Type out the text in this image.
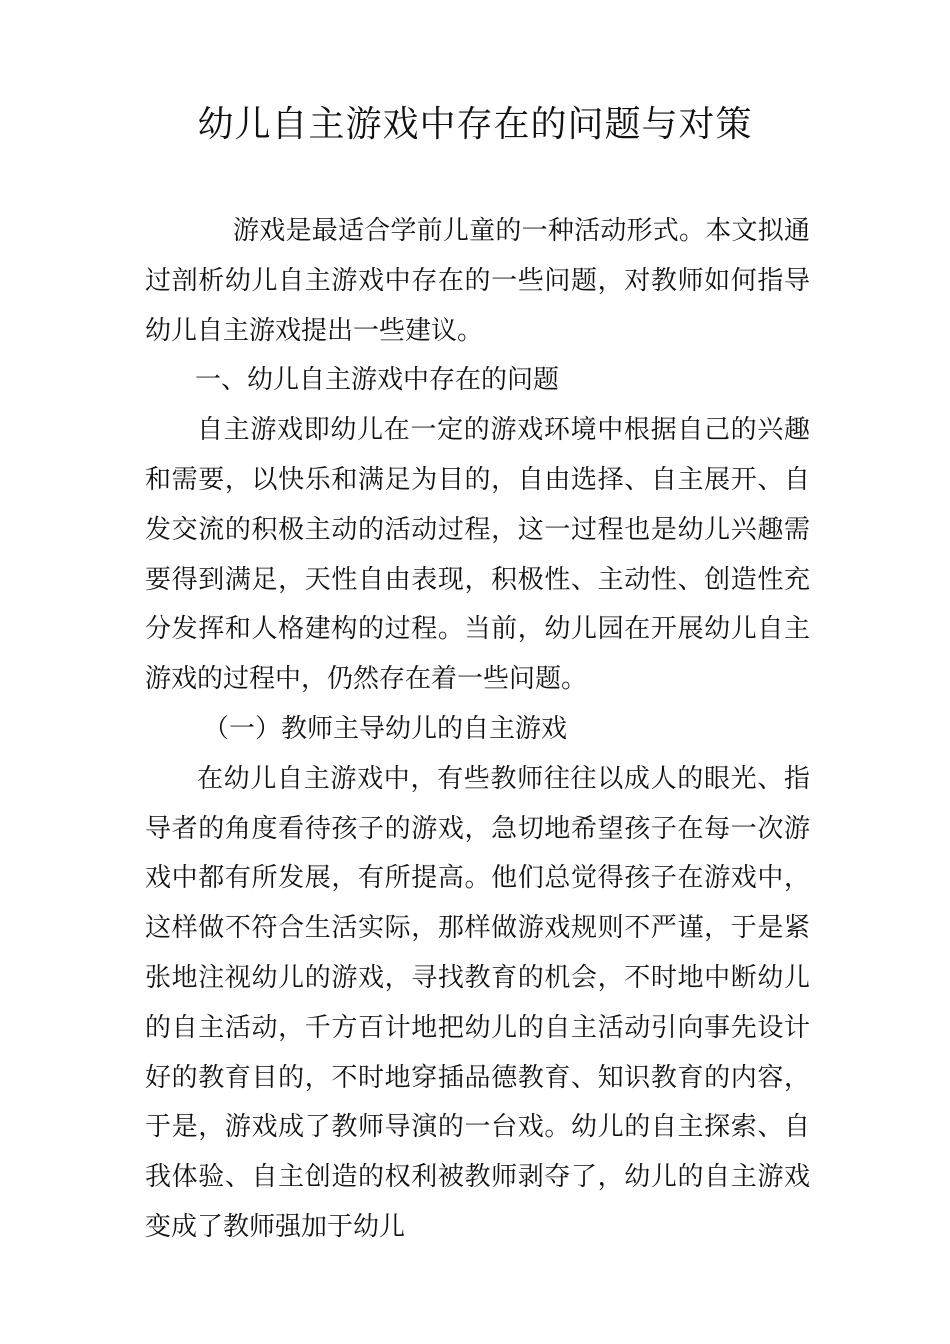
幼儿自主游戏中存在的问题与对策

游戏是最适合学前儿童的一种活动形式。本文拟通过剖析幼儿自主游戏中存在的一些问题，对教师如何指导幼儿自主游戏提出一些建议。

一、幼儿自主游戏中存在的问题

自主游戏即幼儿在一定的游戏环境中根据自己的兴趣和需要，以快乐和满足为目的，自由选择、自主展开、自发交流的积极主动的活动过程，这一过程也是幼儿兴趣需要得到满足，天性自由表现，积极性、主动性、创造性充分发挥和人格建构的过程。当前，幼儿园在开展幼儿自主游戏的过程中，仍然存在着一些问题。

（一）教师主导幼儿的自主游戏

在幼儿自主游戏中，有些教师往往以成人的眼光、指导者的角度看待孩子的游戏，急切地希望孩子在每一次游戏中都有所发展，有所提高。他们总觉得孩子在游戏中，这样做不符合生活实际，那样做游戏规则不严谨，于是紧张地注视幼儿的游戏，寻找教育的机会，不时地中断幼儿的自主活动，千方百计地把幼儿的自主活动引向事先设计好的教育目的，不时地穿插品德教育、知识教育的内容，于是，游戏成了教师导演的一台戏。幼儿的自主探索、自我体验、自主创造的权利被教师剥夺了，幼儿的自主游戏变成了教师强加于幼儿
